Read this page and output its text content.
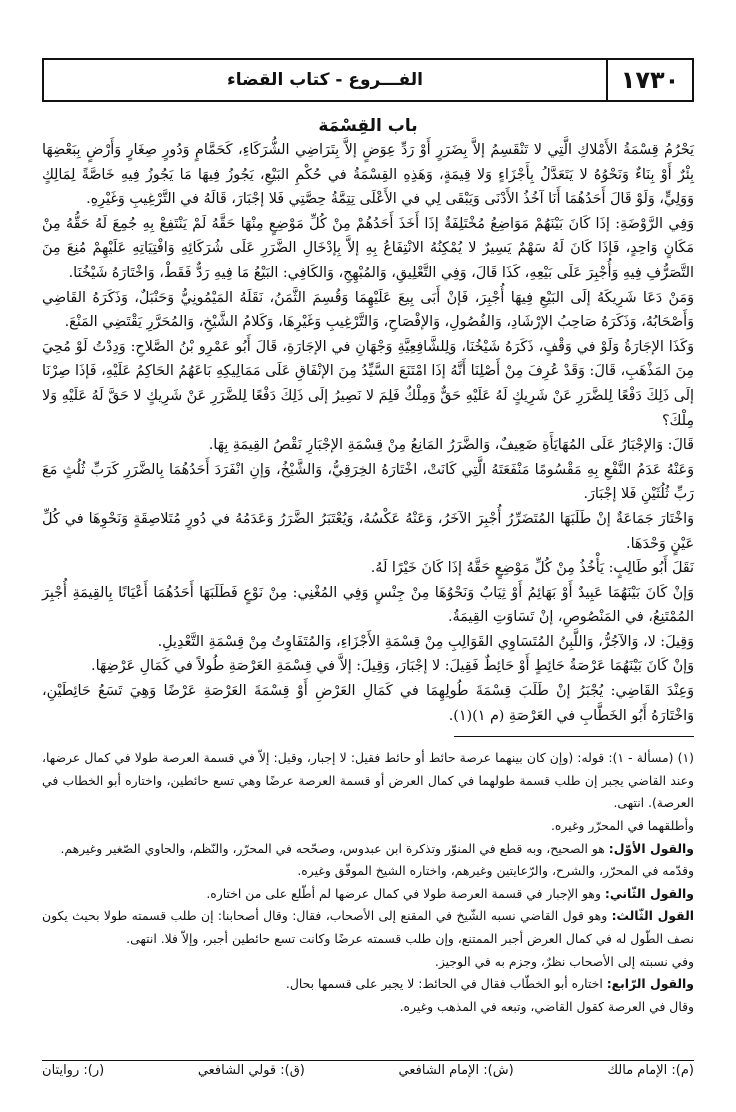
١٧٣٠
الفـــروع - كتاب القضاء
باب القِسْمَة

يَحْرُمُ قِسْمَةُ الأَمْلاكِ الَّتِي لا تَنْقَسِمُ إلاَّ بِضَرَرٍ أَوْ رَدِّ عِوَضٍ إلاَّ بِتَرَاضِي الشُّرَكَاءِ، كَحَمَّامٍ وَدُورٍ صِغَارٍ وَأَرْضٍ بِبَعْضِهَا بِئْرٌ أَوْ بِنَاءٌ وَنَحْوُهُ لا يَتَعَدَّلُ بِأَجْزَاءٍ وَلا قِيمَةٍ، وَهَذِهِ القِسْمَةُ في حُكْمِ البَيْعِ، يَجُوزُ فِيهَا مَا يَجُوزُ فِيهِ خَاصَّةً لِمَالِكٍ وَوَلِيٍّ، وَلَوْ قَالَ أَحَدُهُمَا أَنَا آخُذُ الأَدْنَى وَيَبْقَى لِي في الأَعْلَى تِتِمَّةُ حِصَّتِي فَلا إجْبَارَ، قَالَهُ في التَّرْغِيبِ وَغَيْرِهِ.

وَفِي الرَّوْضَةِ: إذَا كَانَ بَيْنَهُمْ مَوَاضِعُ مُخْتَلِفَةٌ إذَا أَخَذَ أَحَدُهُمْ مِنْ كُلِّ مَوْضِعٍ مِنْهَا حَقَّهُ لَمْ يَنْتَفِعْ بِهِ جُمِعَ لَهُ حَقُّهُ مِنْ مَكَانٍ وَاحِدٍ، فَإذَا كَانَ لَهُ سَهْمٌ يَسِيرٌ لا يُمْكِنُهُ الانْتِفَاعُ بِهِ إلاَّ بِإدْخَالِ الضَّرَرِ عَلَى شُرَكَائِهِ وَافْتِيَاتِهِ عَلَيْهِمْ مُنِعَ مِنَ التَّصَرُّفِ فِيهِ وَأُجْبِرَ عَلَى بَيْعِهِ، كَذَا قَالَ، وَفِي التَّعْلِيقِ، وَالمُبْهِجِ، وَالكَافِي: البَيْعُ مَا فِيهِ رَدٌّ فَقَطْ، وَاخْتَارَهُ شَيْخُنَا.

وَمَنْ دَعَا شَرِيكَهُ إلَى البَيْعِ فِيهَا أُجْبِرَ، فَإنْ أَبَى بِيعَ عَلَيْهِمَا وَقُسِمَ الثَّمَنُ، نَقَلَهُ المَيْمُونِيُّ وَحَنْبَلٌ، وَذَكَرَهُ القَاضِي وَأَصْحَابُهُ، وَذَكَرَهُ صَاحِبُ الإرْشَادِ، وَالفُصُولِ، وَالإفْصَاحِ، وَالتَّرْغِيبِ وَغَيْرِهَا، وَكَلامُ الشَّيْخِ، وَالمُحَرَّرِ يَقْتَضِي المَنْعَ.

وَكَذَا الإجَارَةُ وَلَوْ في وَقْفٍ، ذَكَرَهُ شَيْخُنَا، وَلِلشَّافِعِيَّةِ وَجْهَانِ في الإجَارَةِ، قَالَ أَبُو عَمْرِو بْنُ الصَّلاحِ: وَدِدْتُ لَوْ مُحِيَ مِنَ المَذْهَبِ، قَالَ: وَقَدْ عُرِفَ مِنْ أَصْلِنَا أَنَّهُ إذَا امْتَنَعَ السَّيِّدُ مِنَ الإنْفَاقِ عَلَى مَمَالِيكِهِ بَاعَهُمُ الحَاكِمُ عَلَيْهِ، فَإذَا صِرْنَا إلَى ذَلِكَ دَفْعًا لِلضَّرَرِ عَنْ شَرِيكٍ لَهُ عَلَيْهِ حَقٌّ وَمِلْكٌ فَلِمَ لا نَصِيرُ إلَى ذَلِكَ دَفْعًا لِلضَّرَرِ عَنْ شَرِيكٍ لا حَقَّ لَهُ عَلَيْهِ وَلا مِلْكَ؟

قَالَ: وَالإجْبَارُ عَلَى المُهَايَأَةِ ضَعِيفٌ، وَالضَّرَرُ المَانِعُ مِنْ قِسْمَةِ الإجْبَارِ نَقْصُ القِيمَةِ بِهَا.

وَعَنْهُ عَدَمُ النَّفْعِ بِهِ مَقْسُومًا مَنْفَعَتَهُ الَّتِي كَانَتْ، اخْتَارَهُ الخِرَقِيُّ، وَالشَّيْخُ، وَإنِ انْفَرَدَ أَحَدُهُمَا بِالضَّرَرِ كَرَبِّ ثُلُثٍ مَعَ رَبِّ ثُلُثَيْنِ فَلا إجْبَارَ.

وَاخْتَارَ جَمَاعَةٌ إنْ طَلَبَهَا المُتَضَرِّرُ أُجْبِرَ الآخَرُ، وَعَنْهُ عَكْسُهُ، وَيُعْتَبَرُ الضَّرَرُ وَعَدَمُهُ في دُورٍ مُتَلاصِقَةٍ وَنَحْوِهَا في كُلِّ عَيْنٍ وَحْدَهَا.

نَقَلَ أَبُو طَالِبٍ: يَأْخُذُ مِنْ كُلِّ مَوْضِعٍ حَقَّهُ إذَا كَانَ خَيْرًا لَهُ.

وَإنْ كَانَ بَيْنَهُمَا عَبِيدٌ أَوْ بَهَائِمُ أَوْ ثِيَابٌ وَنَحْوُهَا مِنْ جِنْسٍ وَفِي المُغْنِي: مِنْ نَوْعٍ فَطَلَبَهَا أَحَدُهُمَا أَعْيَانًا بِالقِيمَةِ أُجْبِرَ المُمْتَنِعُ، في المَنْصُوصِ، إنْ تَسَاوَتِ القِيمَةُ.

وَقِيلَ: لا، وَالآجُرُّ، وَاللَّبِنُ المُتَسَاوِي القَوَالِبِ مِنْ قِسْمَةِ الأَجْزَاءِ، وَالمُتَفَاوِتُ مِنْ قِسْمَةِ التَّعْدِيلِ.

وَإنْ كَانَ بَيْنَهُمَا عَرْصَةُ حَائِطٍ أَوْ حَائِطٌ فَقِيلَ: لا إجْبَارَ، وَقِيلَ: إلاَّ في قِسْمَةِ العَرْصَةِ طُولاً في كَمَالِ عَرْضِهَا.

وَعِنْدَ القَاضِي: يُجْبَرُ إنْ طَلَبَ قِسْمَةَ طُولِهِمَا في كَمَالِ العَرْضِ أَوْ قِسْمَةَ العَرْصَةِ عَرْضًا وَهِيَ تَسَعُ حَائِطَيْنِ، وَاخْتَارَهُ أَبُو الخَطَّابِ في العَرْصَةِ (م ١)(١).

(١) (مسألة - ١): قوله: (وإن كان بينهما عرصة حائط أو حائط فقيل: لا إجبار، وقيل: إلاّ في قسمة العرصة طولا في كمال عرضها، وعند القاضي يجبر إن طلب قسمة طولهما في كمال العرض أو قسمة العرصة عرضًا وهي تسع حائطين، واختاره أبو الخطاب في العرصة). انتهى.

وأطلقهما في المحرّر وغيره.

والقول الأوّل: هو الصحيح، وبه قطع في المنوّر وتذكرة ابن عبدوس، وصحّحه في المحرّر، والنّظم، والحاوي الصّغير وغيرهم.

وقدّمه في المحرّر، والشرح، والرّعايتين وغيرهم، واختاره الشيخ الموفّق وغيره.

والقول الثّاني: وهو الإجبار في قسمة العرصة طولا في كمال عرضها لم أطّلع على من اختاره.

القول الثّالث: وهو قول القاضي نسبه الشّيخ في المقنع إلى الأصحاب، فقال: وقال أصحابنا: إن طلب قسمته طولا بحيث يكون نصف الطّول له في كمال العرض أجبر الممتنع، وإن طلب قسمته عرضًا وكانت تسع حائطين أجبر، وإلاّ فلا. انتهى.

وفي نسبته إلى الأصحاب نظرٌ، وجزم به في الوجيز.

والقول الرّابع: اختاره أبو الخطّاب فقال في الحائط: لا يجبر على قسمها بحال.

وقال في العرصة كقول القاضي، وتبعه في المذهب وغيره.

(م): الإمام مالك
(ش): الإمام الشافعي
(ق): قولي الشافعي
(ر): روايتان
